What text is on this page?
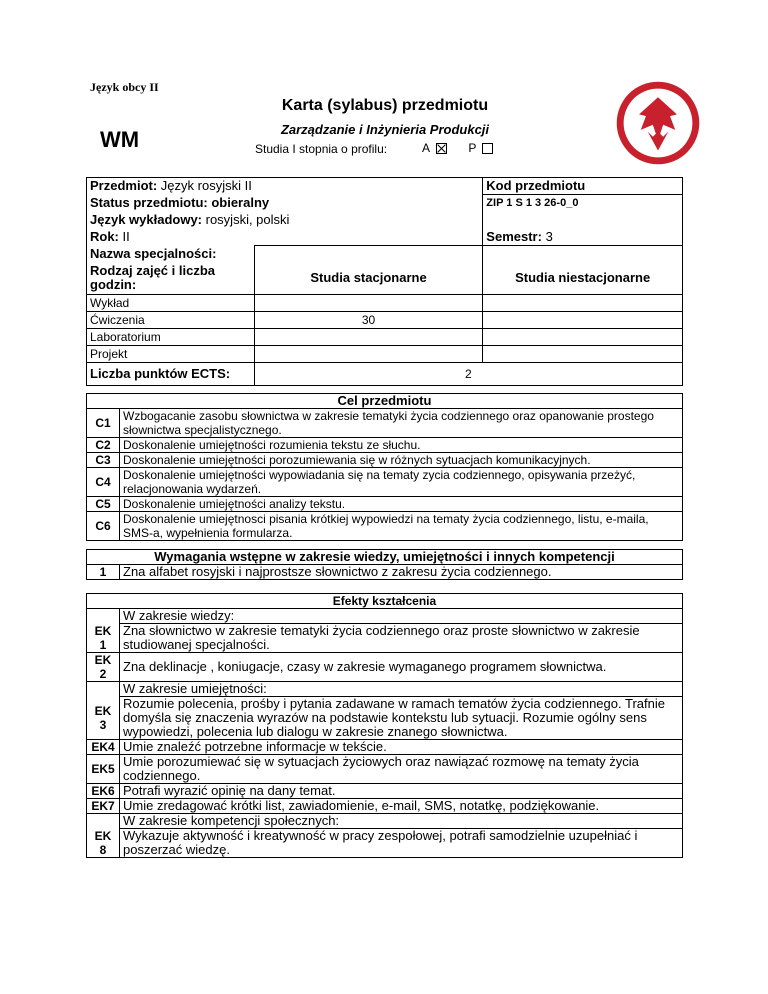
Język obcy II
Karta (sylabus) przedmiotu
Zarządzanie i Inżynieria Produkcji
WM	Studia I stopnia o profilu:	A	P
Przedmiot: Język rosyjski II		Kod przedmiotu
Status przedmiotu: obieralny		ZIP 1 S 1 3 26-0_0
Język wykładowy: rosyjski, polski		
Rok: II		Semestr: 3
Nazwa specjalności:		
Rodzaj zajęć i liczba godzin:	Studia stacjonarne	Studia niestacjonarne
Wykład		
Ćwiczenia	30	
Laboratorium		
Projekt		
Liczba punktów ECTS:	2	
Cel przedmiotu	
C1	Wzbogacanie zasobu słownictwa w zakresie tematyki życia codziennego oraz opanowanie prostego słownictwa specjalistycznego.
C2	Doskonalenie umiejętności rozumienia tekstu ze słuchu.
C3	Doskonalenie umiejętności porozumiewania się w różnych sytuacjach komunikacyjnych.
C4	Doskonalenie umiejętności wypowiadania się na tematy zycia codziennego, opisywania przeżyć, relacjonowania wydarzeń.
C5	Doskonalenie umiejętności analizy tekstu.
C6	Doskonalenie umiejętnosci pisania krótkiej wypowiedzi na tematy życia codziennego, listu, e-maila, SMS-a, wypełnienia formularza.
Wymagania wstępne w zakresie wiedzy, umiejętności i innych kompetencji
1	Zna alfabet rosyjski i najprostsze słownictwo z zakresu życia codziennego.
Efekty kształcenia	
	W zakresie wiedzy:
EK 1	Zna słownictwo w zakresie tematyki życia codziennego oraz proste słownictwo w zakresie studiowanej specjalności.
EK 2	Zna deklinacje , koniugacje, czasy w zakresie wymaganego programem słownictwa.
	W zakresie umiejętności:
EK 3	Rozumie polecenia, prośby i pytania zadawane w ramach tematów życia codziennego. Trafnie domyśla się znaczenia wyrazów na podstawie kontekstu lub sytuacji. Rozumie ogólny sens wypowiedzi, polecenia lub dialogu w zakresie znanego słownictwa.
EK4	Umie znaleźć potrzebne informacje w tekście.
EK5	Umie porozumiewać się w sytuacjach życiowych oraz nawiązać rozmowę na tematy życia codziennego.
EK6	Potrafi wyrazić opinię na dany temat.
EK7	Umie zredagować krótki list, zawiadomienie, e-mail, SMS, notatkę, podziękowanie.
	W zakresie kompetencji społecznych:
EK 8	Wykazuje aktywność i kreatywność w pracy zespołowej, potrafi samodzielnie uzupełniać i poszerzać wiedzę.
